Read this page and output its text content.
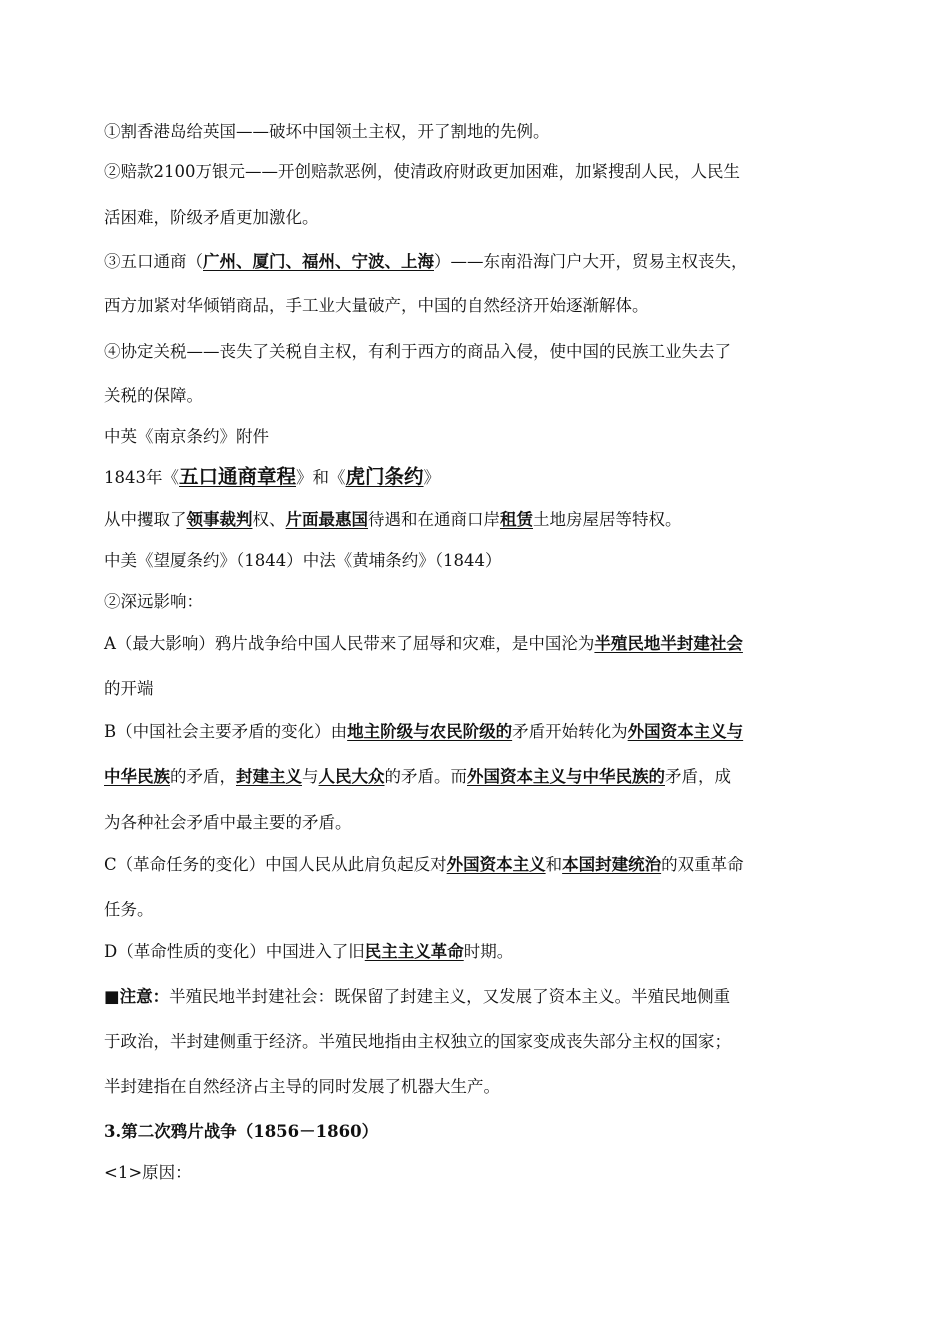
①割香港岛给英国——破坏中国领土主权，开了割地的先例。
②赔款2100万银元——开创赔款恶例，使清政府财政更加困难，加紧搜刮人民，人民生
活困难，阶级矛盾更加激化。
③五口通商（广州、厦门、福州、宁波、上海）——东南沿海门户大开，贸易主权丧失，
西方加紧对华倾销商品，手工业大量破产，中国的自然经济开始逐渐解体。
④协定关税——丧失了关税自主权，有利于西方的商品入侵，使中国的民族工业失去了
关税的保障。
中英《南京条约》附件
1843年《五口通商章程》和《虎门条约》
从中攫取了领事裁判权、片面最惠国待遇和在通商口岸租赁土地房屋居等特权。
中美《望厦条约》（1844）中法《黄埔条约》（1844）
②深远影响：
A（最大影响）鸦片战争给中国人民带来了屈辱和灾难，是中国沦为半殖民地半封建社会
的开端
B（中国社会主要矛盾的变化）由地主阶级与农民阶级的矛盾开始转化为外国资本主义与
中华民族的矛盾，封建主义与人民大众的矛盾。而外国资本主义与中华民族的矛盾，成
为各种社会矛盾中最主要的矛盾。
C（革命任务的变化）中国人民从此肩负起反对外国资本主义和本国封建统治的双重革命
任务。
D（革命性质的变化）中国进入了旧民主主义革命时期。
■注意：半殖民地半封建社会：既保留了封建主义，又发展了资本主义。半殖民地侧重
于政治，半封建侧重于经济。半殖民地指由主权独立的国家变成丧失部分主权的国家；
半封建指在自然经济占主导的同时发展了机器大生产。
3.第二次鸦片战争（1856－1860）
<1>原因：
